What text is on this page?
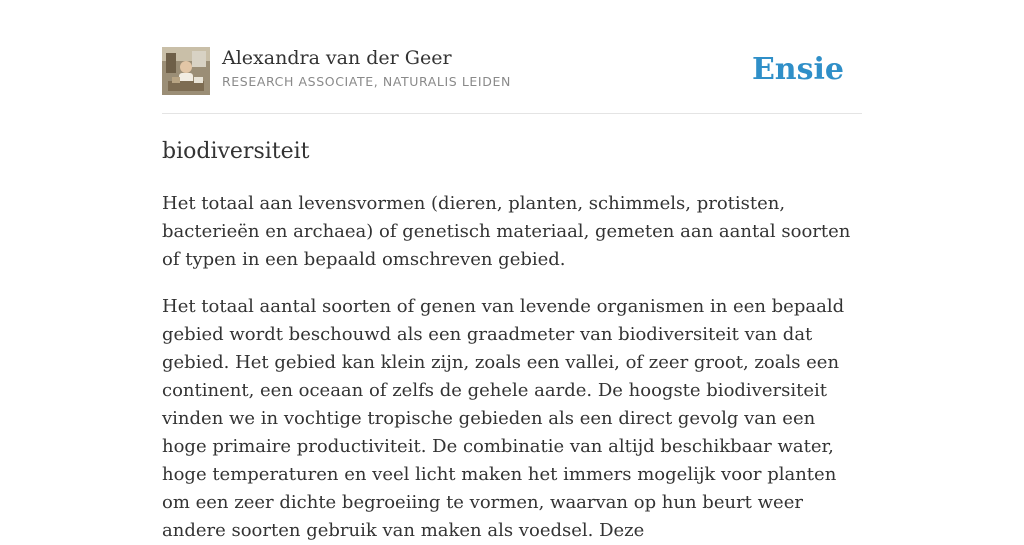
Alexandra van der Geer
RESEARCH ASSOCIATE, NATURALIS LEIDEN	Ensie
biodiversiteit

Het totaal aan levensvormen (dieren, planten, schimmels, protisten, bacterieën en archaea) of genetisch materiaal, gemeten aan aantal soorten of typen in een bepaald omschreven gebied.

Het totaal aantal soorten of genen van levende organismen in een bepaald gebied wordt beschouwd als een graadmeter van biodiversiteit van dat gebied. Het gebied kan klein zijn, zoals een vallei, of zeer groot, zoals een continent, een oceaan of zelfs de gehele aarde. De hoogste biodiversiteit vinden we in vochtige tropische gebieden als een direct gevolg van een hoge primaire productiviteit. De combinatie van altijd beschikbaar water, hoge temperaturen en veel licht maken het immers mogelijk voor planten om een zeer dichte begroeiing te vormen, waarvan op hun beurt weer andere soorten gebruik van maken als voedsel. Deze
